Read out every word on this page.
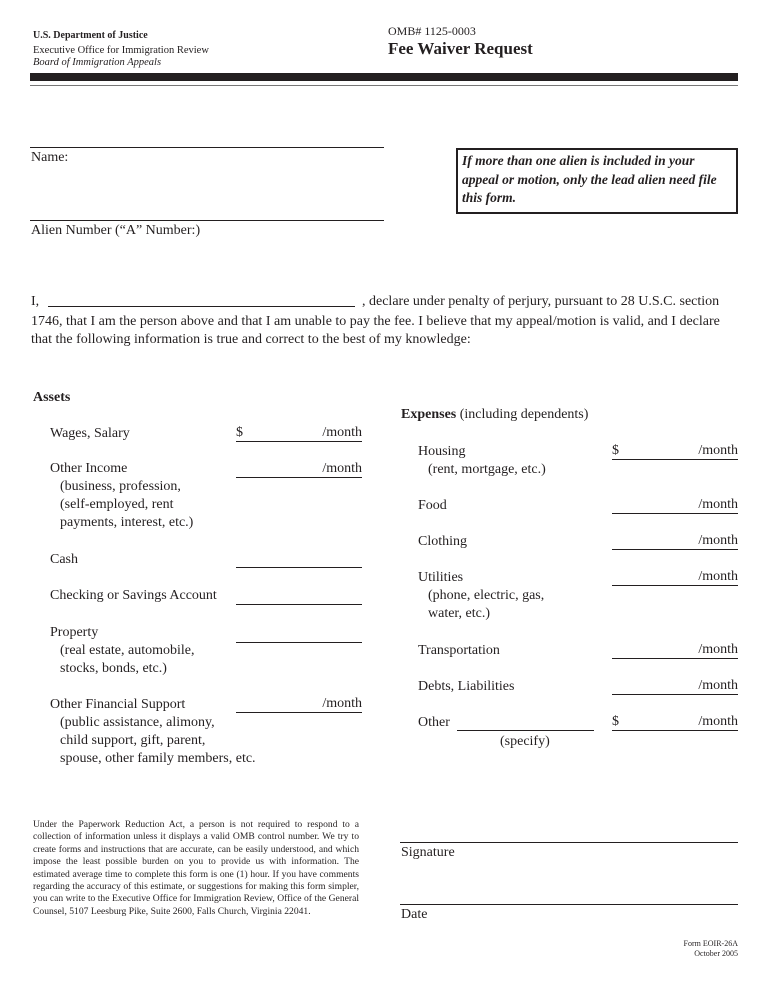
U.S. Department of Justice
Executive Office for Immigration Review
Board of Immigration Appeals
OMB# 1125-0003
Fee Waiver Request
Name:
Alien Number (“A” Number:)
If more than one alien is included in your appeal or motion, only the lead alien need file this form.
I,	, declare under penalty of perjury, pursuant to 28 U.S.C. section
1746, that I am the person above and that I am unable to pay the fee. I believe that my appeal/motion is valid, and I declare
that the following information is true and correct to the best of my knowledge:
Assets
Expenses (including dependents)
Wages, Salary	$	/month
Other Income
(business, profession,
(self-employed, rent
payments, interest, etc.)
/month
Cash
Checking or Savings Account
Property
(real estate, automobile,
stocks, bonds, etc.)
Other Financial Support
(public assistance, alimony,
child support, gift, parent,
spouse, other family members, etc.
/month
Housing
(rent, mortgage, etc.)
$	/month
Food	/month
Clothing	/month
Utilities
(phone, electric, gas,
water, etc.)
/month
Transportation	/month
Debts, Liabilities	/month
Other
(specify)
$	/month
Under the Paperwork Reduction Act, a person is not required to respond to a collection of information unless it displays a valid OMB control number. We try to create forms and instructions that are accurate, can be easily understood, and which impose the least possible burden on you to provide us with information. The estimated average time to complete this form is one (1) hour. If you have comments regarding the accuracy of this estimate, or suggestions for making this form simpler, you can write to the Executive Office for Immigration Review, Office of the General Counsel, 5107 Leesburg Pike, Suite 2600, Falls Church, Virginia 22041.
Signature
Date
Form EOIR-26A
October 2005
